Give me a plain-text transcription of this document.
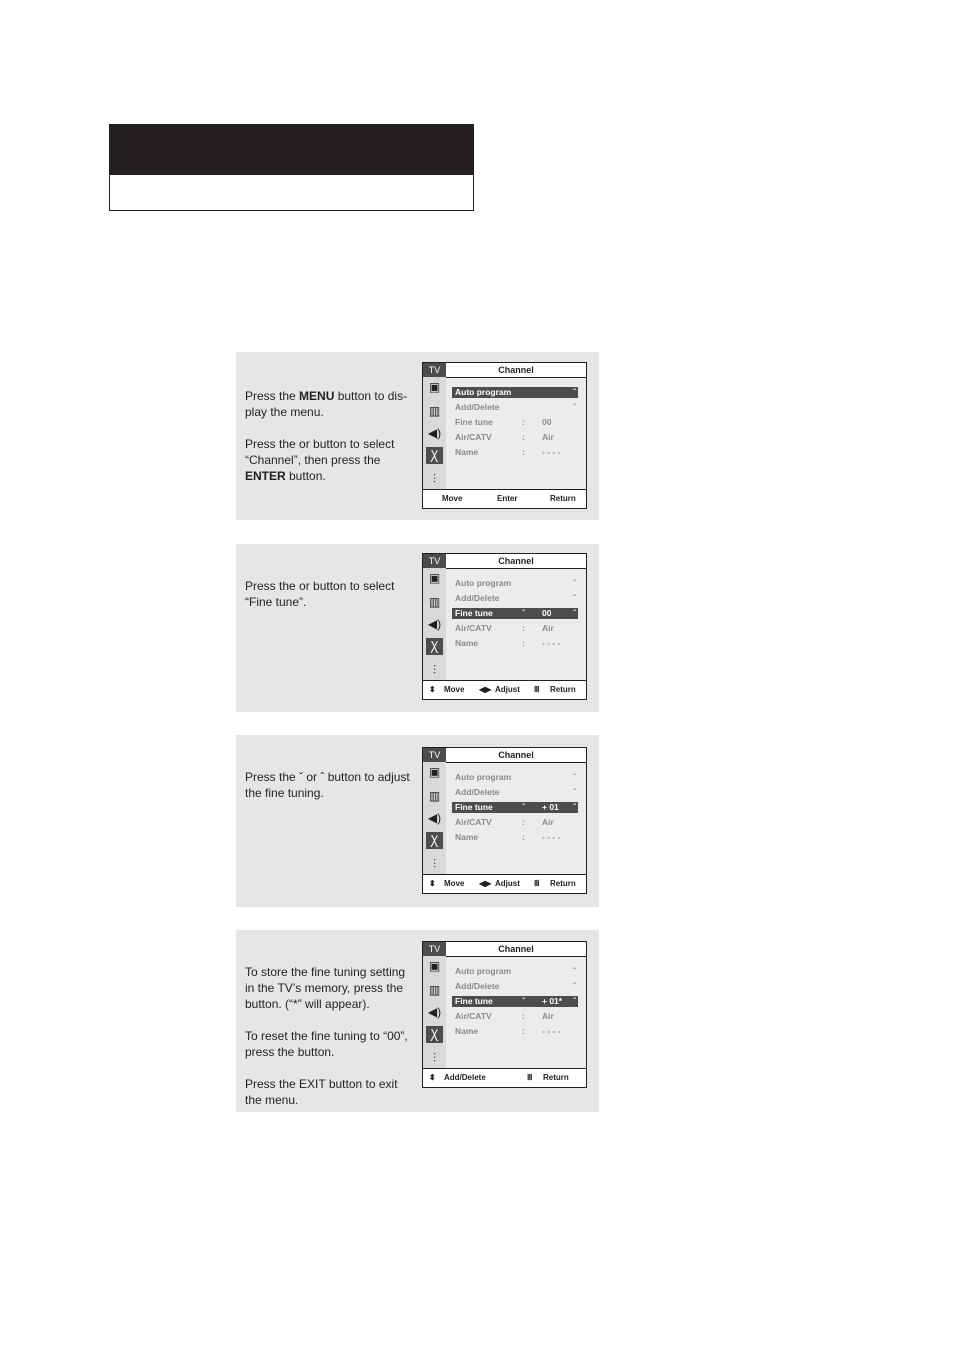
Press the MENU button to dis-play the menu.

Press the or button to select “Channel”, then press the ENTER button.

TV
▣
▥
◀)
Ꭓ
⫶
Channel
Auto program	ˆ
Add/Delete	ˆ
Fine tune	: 00
Air/CATV	: Air
Name	: - - - -
Move	Enter	Return

Press the or button to select “Fine tune”.

TV
▣
▥
◀)
Ꭓ
⫶
Channel
Auto program	ˆ
Add/Delete	ˆ
Fine tune	ˇ 00	ˆ
Air/CATV	: Air
Name	: - - - -
⬍ Move ◀▶ Adjust Ⅲ Return

Press the ˇ or ˆ button to adjust the fine tuning.

TV
▣
▥
◀)
Ꭓ
⫶
Channel
Auto program	ˆ
Add/Delete	ˆ
Fine tune	ˇ + 01 ˆ
Air/CATV	: Air
Name	: - - - -
⬍ Move ◀▶ Adjust Ⅲ Return

To store the fine tuning setting in the TV’s memory, press the button. (“*” will appear).

To reset the fine tuning to “00”, press the button.

Press the EXIT button to exit the menu.

TV
▣
▥
◀)
Ꭓ
⫶
Channel
Auto program	ˆ
Add/Delete	ˆ
Fine tune	ˇ + 01* ˆ
Air/CATV	: Air
Name	: - - - -
⬍ Add/Delete	Ⅲ Return
